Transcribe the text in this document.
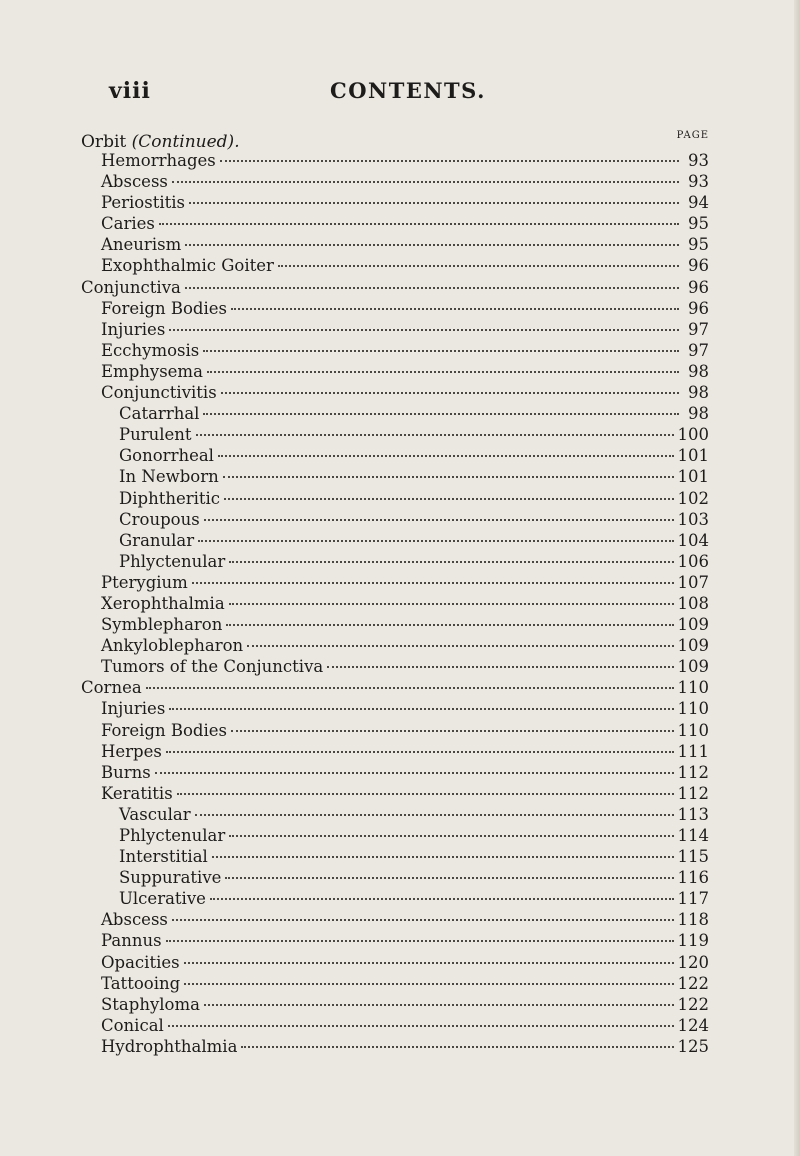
viii	CONTENTS.
Orbit (Continued).	PAGE
Hemorrhages	93
Abscess	93
Periostitis	94
Caries	95
Aneurism	95
Exophthalmic Goiter	96
Conjunctiva	96
Foreign Bodies	96
Injuries	97
Ecchymosis	97
Emphysema	98
Conjunctivitis	98
Catarrhal	98
Purulent	100
Gonorrheal	101
In Newborn	101
Diphtheritic	102
Croupous	103
Granular	104
Phlyctenular	106
Pterygium	107
Xerophthalmia	108
Symblepharon	109
Ankyloblepharon	109
Tumors of the Conjunctiva	109
Cornea	110
Injuries	110
Foreign Bodies	110
Herpes	111
Burns	112
Keratitis	112
Vascular	113
Phlyctenular	114
Interstitial	115
Suppurative	116
Ulcerative	117
Abscess	118
Pannus	119
Opacities	120
Tattooing	122
Staphyloma	122
Conical	124
Hydrophthalmia	125
